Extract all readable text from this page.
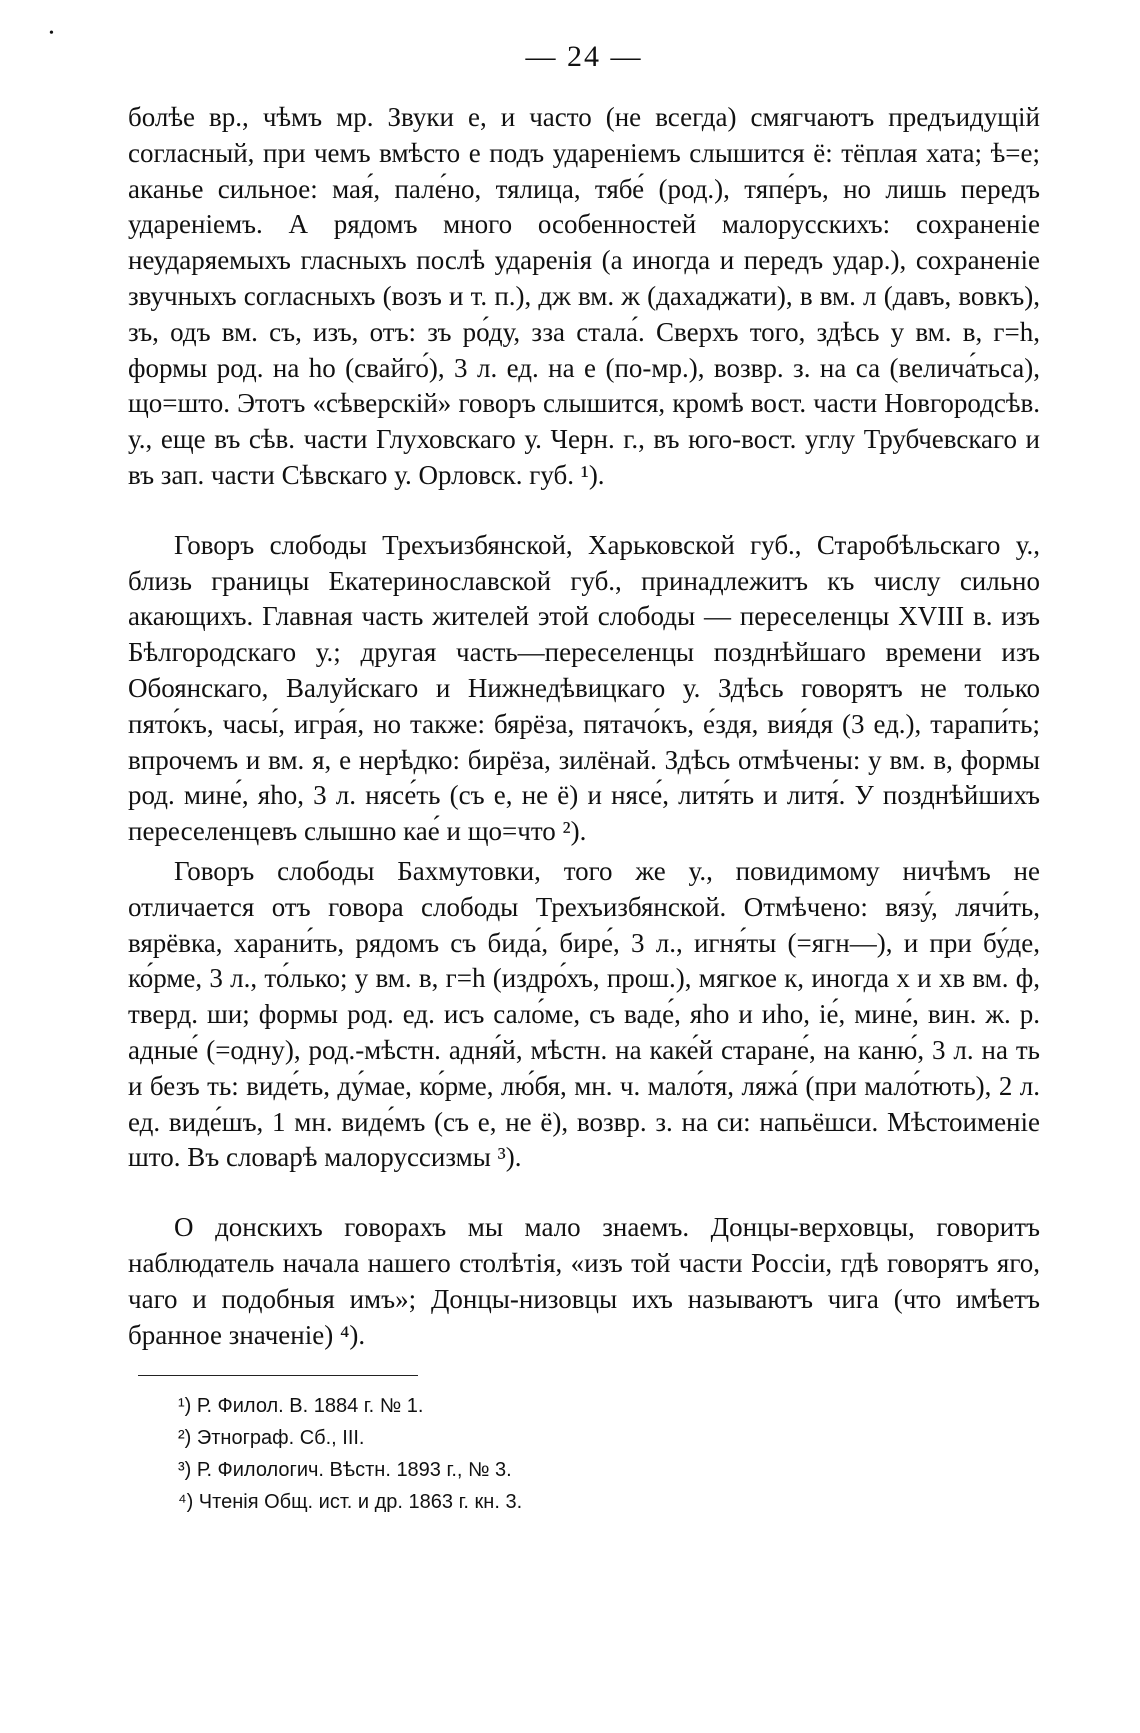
•
— 24 —

болѣе вр., чѣмъ мр. Звуки е, и часто (не всегда) смягчаютъ предъидущій согласный, при чемъ вмѣсто е подъ удареніемъ слышится ё: тёплая хата; ѣ=е; аканье сильное: мая́, пале́но, тялица, тябе́ (род.), тяпе́ръ, но лишь передъ удареніемъ. А рядомъ много особенностей малорусскихъ: сохраненіе неударяемыхъ гласныхъ послѣ ударенія (а иногда и передъ удар.), сохраненіе звучныхъ согласныхъ (возъ и т. п.), дж вм. ж (дахаджати), в вм. л (давъ, вовкъ), зъ, одъ вм. съ, изъ, отъ: зъ ро́ду, зза стала́. Сверхъ того, здѣсь у вм. в, г=h, формы род. на hо (свайго́), 3 л. ед. на е (по-мр.), возвр. з. на са (велича́тьса), що=што. Этотъ «сѣверскій» говоръ слышится, кромѣ вост. части Новгородсѣв. у., еще въ сѣв. части Глуховскаго у. Черн. г., въ юго-вост. углу Трубчевскаго и въ зап. части Сѣвскаго у. Орловск. губ. ¹).

Говоръ слободы Трехъизбянской, Харьковской губ., Старобѣльскаго у., близь границы Екатеринославской губ., принадлежитъ къ числу сильно акающихъ. Главная часть жителей этой слободы — переселенцы XVIII в. изъ Бѣлгородскаго у.; другая часть—переселенцы позднѣйшаго времени изъ Обоянскаго, Валуйскаго и Нижнедѣвицкаго у. Здѣсь говорятъ не только пято́къ, часы́, игра́я, но также: бярёза, пятачо́къ, е́здя, вия́дя (3 ед.), тарапи́ть; впрочемъ и вм. я, е нерѣдко: бирёза, зилёнай. Здѣсь отмѣчены: у вм. в, формы род. мине́, яho, 3 л. нясе́ть (съ е, не ё) и нясе́, литя́ть и литя́. У позднѣйшихъ переселенцевъ слышно кае́ и що=что ²).

Говоръ слободы Бахмутовки, того же у., повидимому ничѣмъ не отличается отъ говора слободы Трехъизбянской. Отмѣчено: вязу́, лячи́ть, вярёвка, харани́ть, рядомъ съ бида́, бире́, 3 л., игня́ты (=ягн—), и при бу́де, ко́рме, 3 л., то́лько; у вм. в, г=h (издро́хъ, прош.), мягкое к, иногда х и хв вм. ф, тверд. ши; формы род. ед. исъ сало́ме, съ ваде́, яho и иho, іе́, мине́, вин. ж. р. адные́ (=одну), род.-мѣстн. адня́й, мѣстн. на каке́й старане́, на каню́, 3 л. на ть и безъ ть: виде́ть, ду́мае, ко́рме, лю́бя, мн. ч. мало́тя, ляжа́ (при мало́тють), 2 л. ед. виде́шъ, 1 мн. виде́мъ (съ е, не ё), возвр. з. на си: напьёшси. Мѣстоименіе што. Въ словарѣ малоруссизмы ³).

О донскихъ говорахъ мы мало знаемъ. Донцы-верховцы, говоритъ наблюдатель начала нашего столѣтія, «изъ той части Россіи, гдѣ говорятъ яго, чаго и подобныя имъ»; Донцы-низовцы ихъ называютъ чига (что имѣетъ бранное значеніе) ⁴).

¹) Р. Филол. В. 1884 г. № 1.

²) Этнограф. Сб., III.

³) Р. Филологич. Вѣстн. 1893 г., № 3.

⁴) Чтенія Общ. ист. и др. 1863 г. кн. 3.
